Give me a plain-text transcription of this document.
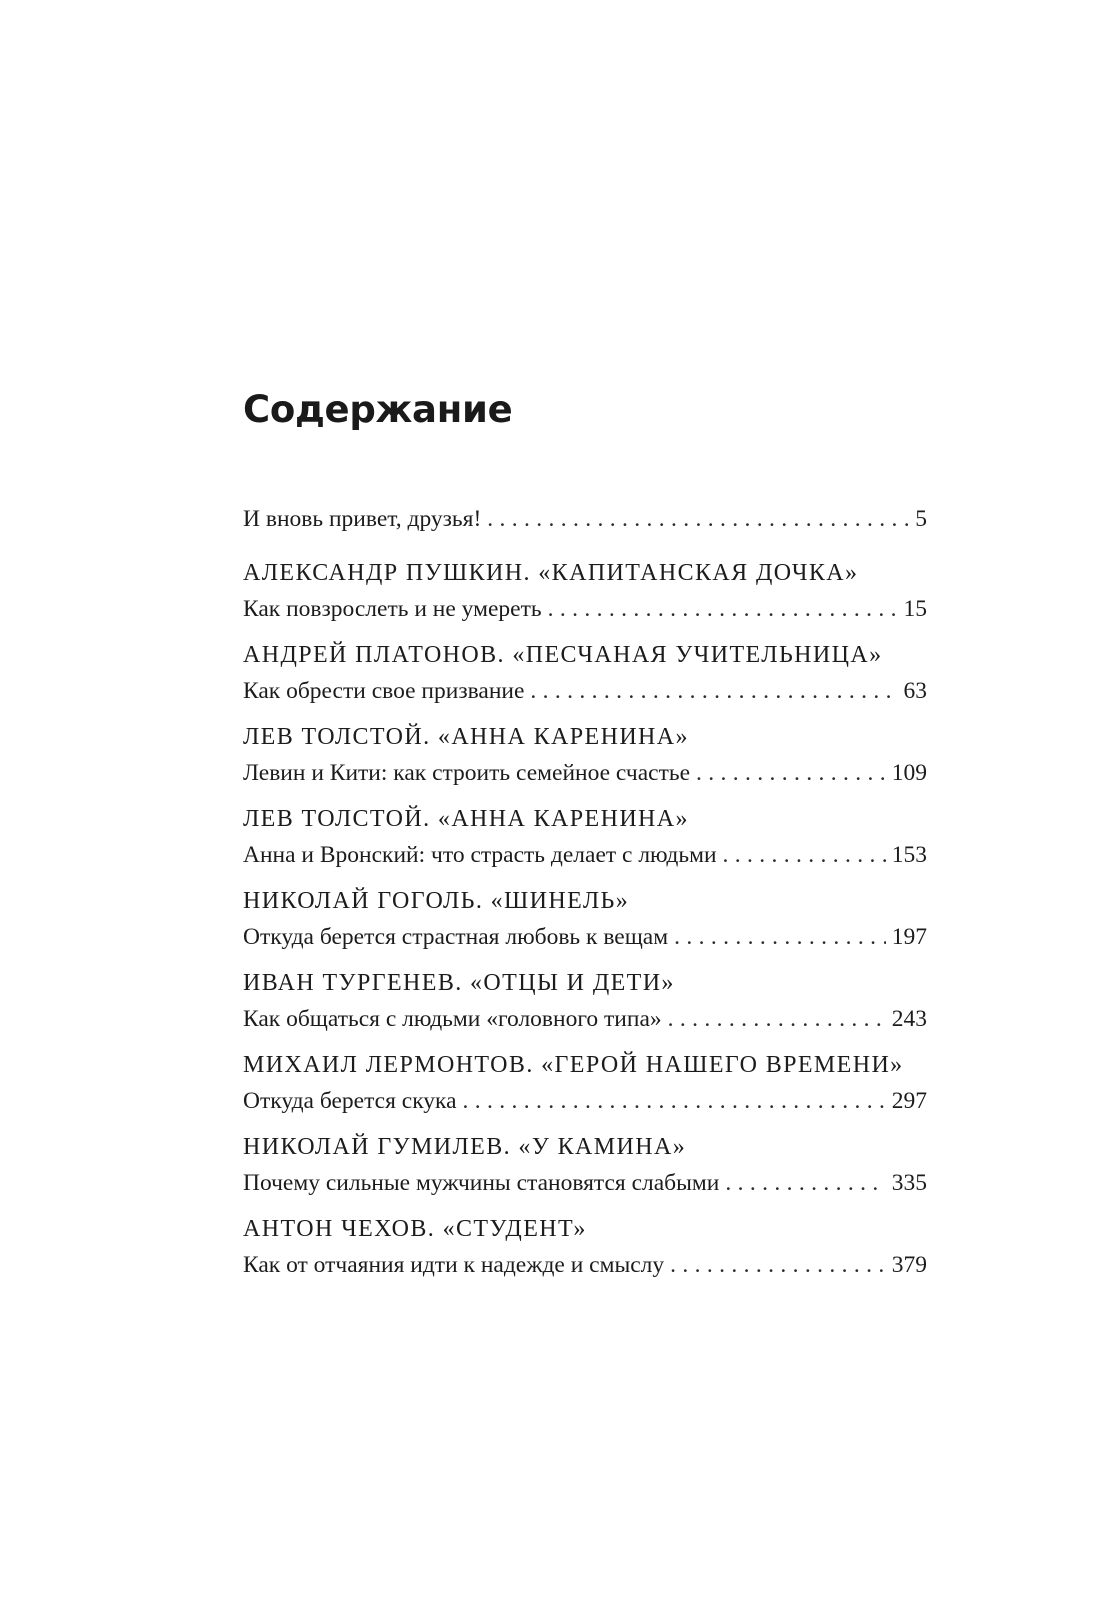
Содержание
И вновь привет, друзья! . . .	5
АЛЕКСАНДР ПУШКИН. «КАПИТАНСКАЯ ДОЧКА»
Как повзрослеть и не умереть . . .	15
АНДРЕЙ ПЛАТОНОВ. «ПЕСЧАНАЯ УЧИТЕЛЬНИЦА»
Как обрести свое призвание . . .	63
ЛЕВ ТОЛСТОЙ. «АННА КАРЕНИНА»
Левин и Кити: как строить семейное счастье . . .	109
ЛЕВ ТОЛСТОЙ. «АННА КАРЕНИНА»
Анна и Вронский: что страсть делает с людьми . . .	153
НИКОЛАЙ ГОГОЛЬ. «ШИНЕЛЬ»
Откуда берется страстная любовь к вещам . . .	197
ИВАН ТУРГЕНЕВ. «ОТЦЫ И ДЕТИ»
Как общаться с людьми «головного типа» . . .	243
МИХАИЛ ЛЕРМОНТОВ. «ГЕРОЙ НАШЕГО ВРЕМЕНИ»
Откуда берется скука . . .	297
НИКОЛАЙ ГУМИЛЕВ. «У КАМИНА»
Почему сильные мужчины становятся слабыми . . .	335
АНТОН ЧЕХОВ. «СТУДЕНТ»
Как от отчаяния идти к надежде и смыслу . . .	379
